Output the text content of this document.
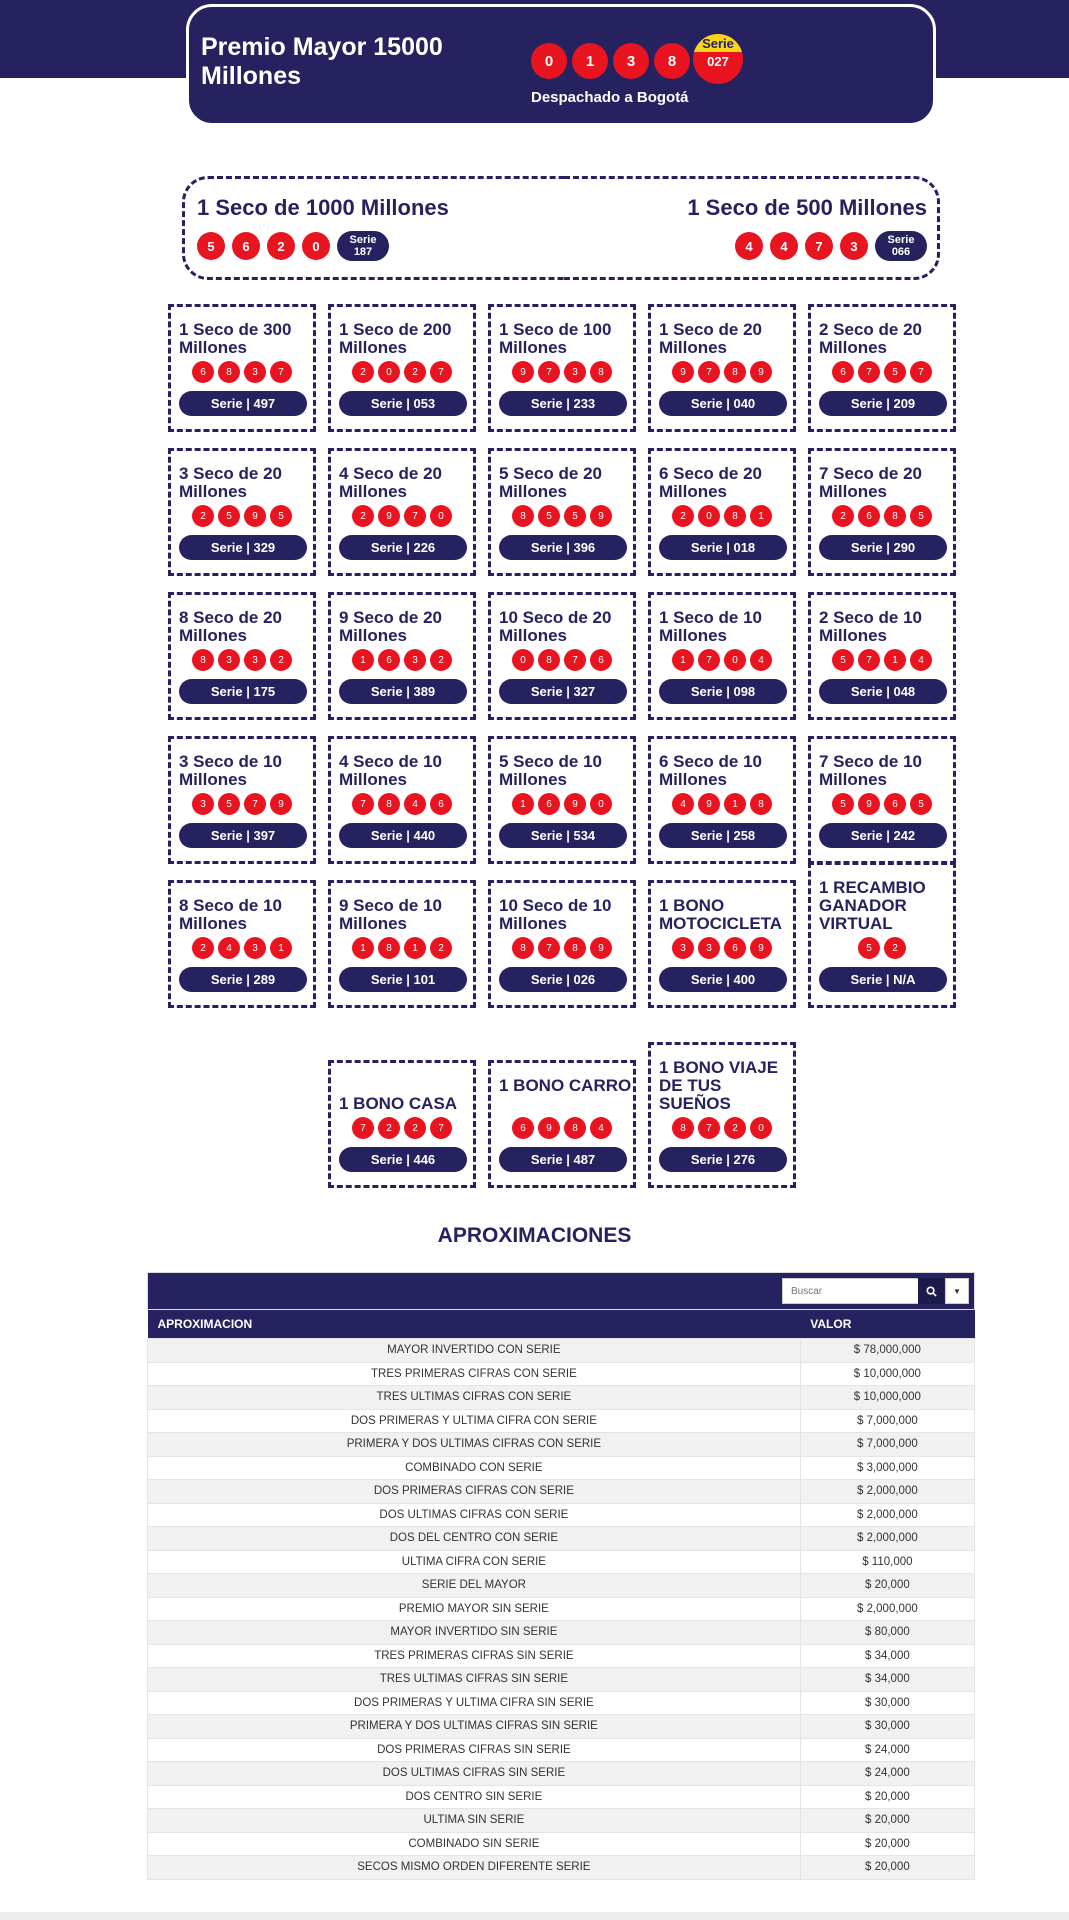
Premio Mayor 15000 Millones
0	1	3	8
Serie
027
Despachado a Bogotá
1 Seco de 1000 Millones
5	6	2	0	Serie
187
1 Seco de 500 Millones
4	4	7	3	Serie
066
1 Seco de 300 Millones
6	8	3	7
Serie | 497
1 Seco de 200 Millones
2	0	2	7
Serie | 053
1 Seco de 100 Millones
9	7	3	8
Serie | 233
1 Seco de 20 Millones
9	7	8	9
Serie | 040
2 Seco de 20 Millones
6	7	5	7
Serie | 209
3 Seco de 20 Millones
2	5	9	5
Serie | 329
4 Seco de 20 Millones
2	9	7	0
Serie | 226
5 Seco de 20 Millones
8	5	5	9
Serie | 396
6 Seco de 20 Millones
2	0	8	1
Serie | 018
7 Seco de 20 Millones
2	6	8	5
Serie | 290
8 Seco de 20 Millones
8	3	3	2
Serie | 175
9 Seco de 20 Millones
1	6	3	2
Serie | 389
10 Seco de 20 Millones
0	8	7	6
Serie | 327
1 Seco de 10 Millones
1	7	0	4
Serie | 098
2 Seco de 10 Millones
5	7	1	4
Serie | 048
3 Seco de 10 Millones
3	5	7	9
Serie | 397
4 Seco de 10 Millones
7	8	4	6
Serie | 440
5 Seco de 10 Millones
1	6	9	0
Serie | 534
6 Seco de 10 Millones
4	9	1	8
Serie | 258
7 Seco de 10 Millones
5	9	6	5
Serie | 242
8 Seco de 10 Millones
2	4	3	1
Serie | 289
9 Seco de 10 Millones
1	8	1	2
Serie | 101
10 Seco de 10 Millones
8	7	8	9
Serie | 026
1 BONO MOTOCICLETA
3	3	6	9
Serie | 400
1 RECAMBIO GANADOR VIRTUAL
5	2
Serie | N/A
1 BONO CASA
7	2	2	7
Serie | 446
1 BONO CARRO
6	9	8	4
Serie | 487
1 BONO VIAJE DE TUS SUEÑOS
8	7	2	0
Serie | 276
APROXIMACIONES
Buscar
▼
APROXIMACION	VALOR
MAYOR INVERTIDO CON SERIE	$ 78,000,000
TRES PRIMERAS CIFRAS CON SERIE	$ 10,000,000
TRES ULTIMAS CIFRAS CON SERIE	$ 10,000,000
DOS PRIMERAS Y ULTIMA CIFRA CON SERIE	$ 7,000,000
PRIMERA Y DOS ULTIMAS CIFRAS CON SERIE	$ 7,000,000
COMBINADO CON SERIE	$ 3,000,000
DOS PRIMERAS CIFRAS CON SERIE	$ 2,000,000
DOS ULTIMAS CIFRAS CON SERIE	$ 2,000,000
DOS DEL CENTRO CON SERIE	$ 2,000,000
ULTIMA CIFRA CON SERIE	$ 110,000
SERIE DEL MAYOR	$ 20,000
PREMIO MAYOR SIN SERIE	$ 2,000,000
MAYOR INVERTIDO SIN SERIE	$ 80,000
TRES PRIMERAS CIFRAS SIN SERIE	$ 34,000
TRES ULTIMAS CIFRAS SIN SERIE	$ 34,000
DOS PRIMERAS Y ULTIMA CIFRA SIN SERIE	$ 30,000
PRIMERA Y DOS ULTIMAS CIFRAS SIN SERIE	$ 30,000
DOS PRIMERAS CIFRAS SIN SERIE	$ 24,000
DOS ULTIMAS CIFRAS SIN SERIE	$ 24,000
DOS CENTRO SIN SERIE	$ 20,000
ULTIMA SIN SERIE	$ 20,000
COMBINADO SIN SERIE	$ 20,000
SECOS MISMO ORDEN DIFERENTE SERIE	$ 20,000
